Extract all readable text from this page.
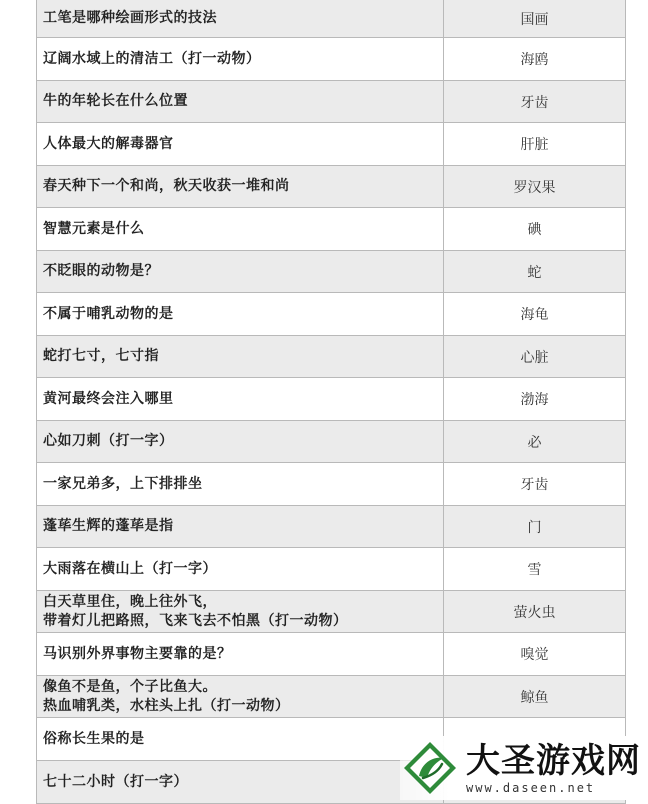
工笔是哪种绘画形式的技法	国画
辽阔水域上的清洁工（打一动物）	海鸥
牛的年轮长在什么位置	牙齿
人体最大的解毒器官	肝脏
春天种下一个和尚，秋天收获一堆和尚	罗汉果
智慧元素是什么	碘
不眨眼的动物是？	蛇
不属于哺乳动物的是	海龟
蛇打七寸，七寸指	心脏
黄河最终会注入哪里	渤海
心如刀刺（打一字）	必
一家兄弟多，上下排排坐	牙齿
蓬荜生辉的蓬荜是指	门
大雨落在横山上（打一字）	雪
白天草里住，晚上往外飞，
带着灯儿把路照，飞来飞去不怕黑（打一动物）	萤火虫
马识别外界事物主要靠的是？	嗅觉
像鱼不是鱼，个子比鱼大。
热血哺乳类，水柱头上扎（打一动物）	鲸鱼
俗称长生果的是
七十二小时（打一字）
大圣游戏网
www.daseen.net
